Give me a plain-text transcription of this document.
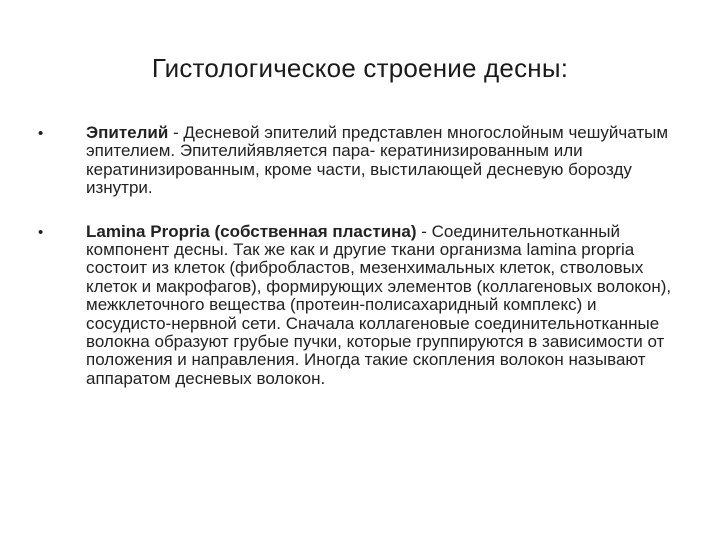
Гистологическое строение десны:
•	Эпителий - Десневой эпителий представлен многослойным чешуйчатым эпителием. Эпителийявляется пара- кератинизированным или кератинизированным, кроме части, выстилающей десневую борозду изнутри.
•	Lamina Propria (собственная пластина) - Соединительнотканный компонент десны. Так же как и другие ткани организма lamina propria состоит из клеток (фибробластов, мезенхимальных клеток, стволовых клеток и макрофагов), формирующих элементов (коллагеновых волокон), межклеточного вещества (протеин-полисахаридный комплекс) и сосудисто-нервной сети. Сначала коллагеновые соединительнотканные волокна образуют грубые пучки, которые группируются в зависимости от положения и направления. Иногда такие скопления волокон называют аппаратом десневых волокон.
